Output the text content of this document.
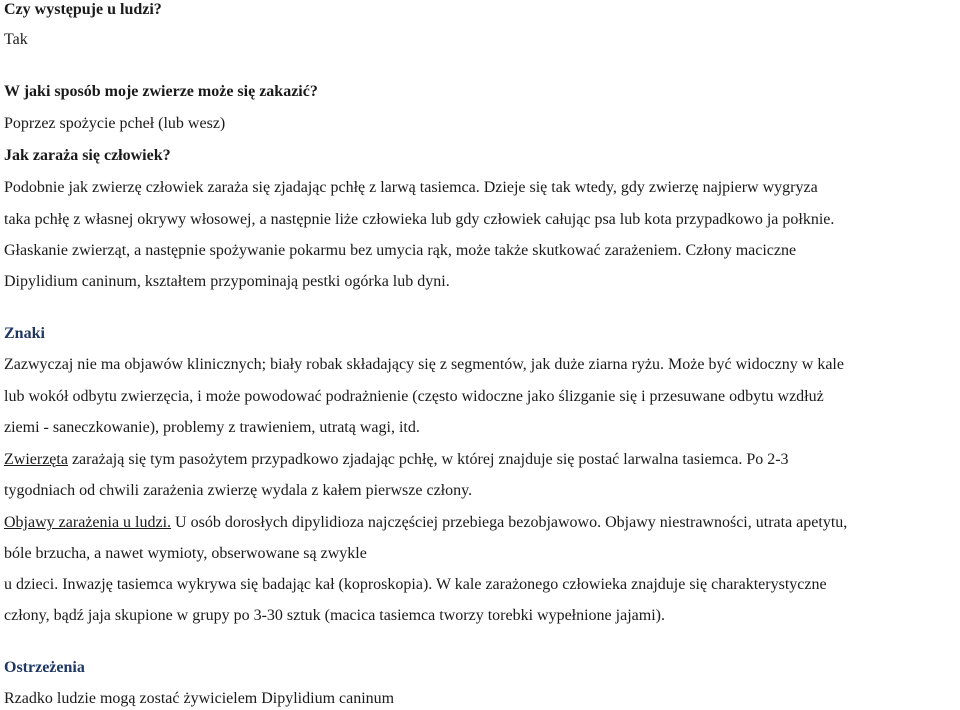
Czy występuje u ludzi?
Tak
W jaki sposób moje zwierze może się zakazić?
Poprzez spożycie pcheł (lub wesz)
Jak zaraża się człowiek?
Podobnie jak zwierzę człowiek zaraża się zjadając pchłę z larwą tasiemca. Dzieje się tak wtedy, gdy zwierzę najpierw wygryza
taka pchłę z własnej okrywy włosowej, a następnie liże człowieka lub gdy człowiek całując psa lub kota przypadkowo ja połknie.
Głaskanie zwierząt, a następnie spożywanie pokarmu bez umycia rąk, może także skutkować zarażeniem. Człony maciczne
Dipylidium caninum, kształtem przypominają pestki ogórka lub dyni.
Znaki
Zazwyczaj nie ma objawów klinicznych; biały robak składający się z segmentów, jak duże ziarna ryżu. Może być widoczny w kale
lub wokół odbytu zwierzęcia, i może powodować podrażnienie (często widoczne jako ślizganie się i przesuwane odbytu wzdłuż
ziemi - saneczkowanie), problemy z trawieniem, utratą wagi, itd.
Zwierzęta zarażają się tym pasożytem przypadkowo zjadając pchłę, w której znajduje się postać larwalna tasiemca. Po 2-3
tygodniach od chwili zarażenia zwierzę wydala z kałem pierwsze człony.
Objawy zarażenia u ludzi. U osób dorosłych dipylidioza najczęściej przebiega bezobjawowo. Objawy niestrawności, utrata apetytu,
bóle brzucha, a nawet wymioty, obserwowane są zwykle
u dzieci. Inwazję tasiemca wykrywa się badając kał (koproskopia). W kale zarażonego człowieka znajduje się charakterystyczne
człony, bądź jaja skupione w grupy po 3-30 sztuk (macica tasiemca tworzy torebki wypełnione jajami).
Ostrzeżenia
Rzadko ludzie mogą zostać żywicielem Dipylidium caninum
